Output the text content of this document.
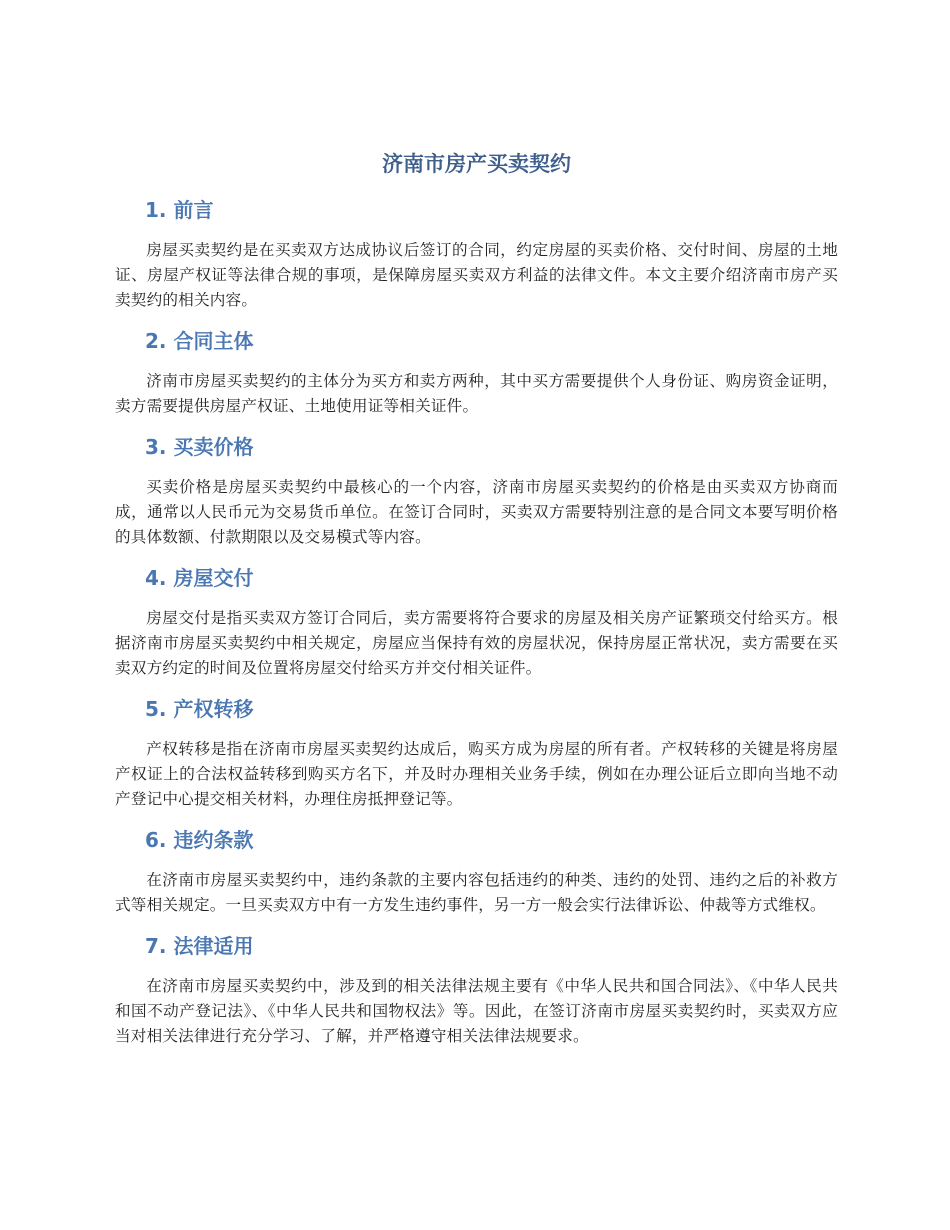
济南市房产买卖契约
1. 前言

房屋买卖契约是在买卖双方达成协议后签订的合同，约定房屋的买卖价格、交付时间、房屋的土地证、房屋产权证等法律合规的事项，是保障房屋买卖双方利益的法律文件。本文主要介绍济南市房产买卖契约的相关内容。

2. 合同主体

济南市房屋买卖契约的主体分为买方和卖方两种，其中买方需要提供个人身份证、购房资金证明，卖方需要提供房屋产权证、土地使用证等相关证件。

3. 买卖价格

买卖价格是房屋买卖契约中最核心的一个内容，济南市房屋买卖契约的价格是由买卖双方协商而成，通常以人民币元为交易货币单位。在签订合同时，买卖双方需要特别注意的是合同文本要写明价格的具体数额、付款期限以及交易模式等内容。

4. 房屋交付

房屋交付是指买卖双方签订合同后，卖方需要将符合要求的房屋及相关房产证繁琐交付给买方。根据济南市房屋买卖契约中相关规定，房屋应当保持有效的房屋状况，保持房屋正常状况，卖方需要在买卖双方约定的时间及位置将房屋交付给买方并交付相关证件。

5. 产权转移

产权转移是指在济南市房屋买卖契约达成后，购买方成为房屋的所有者。产权转移的关键是将房屋产权证上的合法权益转移到购买方名下，并及时办理相关业务手续，例如在办理公证后立即向当地不动产登记中心提交相关材料，办理住房抵押登记等。

6. 违约条款

在济南市房屋买卖契约中，违约条款的主要内容包括违约的种类、违约的处罚、违约之后的补救方式等相关规定。一旦买卖双方中有一方发生违约事件，另一方一般会实行法律诉讼、仲裁等方式维权。

7. 法律适用

在济南市房屋买卖契约中，涉及到的相关法律法规主要有《中华人民共和国合同法》、《中华人民共和国不动产登记法》、《中华人民共和国物权法》等。因此，在签订济南市房屋买卖契约时，买卖双方应当对相关法律进行充分学习、了解，并严格遵守相关法律法规要求。
